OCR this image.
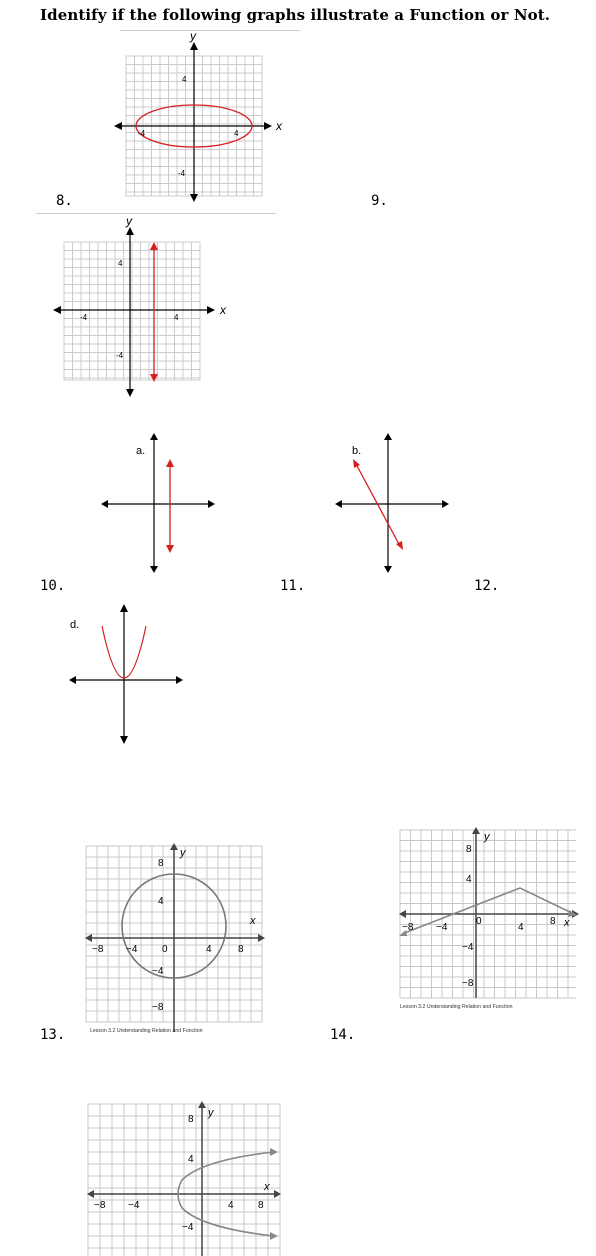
Identify if the following graphs illustrate a Function or Not.
8.	9.
10.	11.	12.
13.	14.
x
y
-4	4
4
-4
x
y
-4	4
4
-4
a.	b.
d.
x
y
8
4
−8 −4 0	4	8
−4
−8
Lesson 3.2 Understanding Relation and Function
x
y
8
4
−8 −4
0
4
8
−4
−8
Lesson 3.2 Understanding Relation and Function
x
y
8
4
−8 −4	4 8
−4
